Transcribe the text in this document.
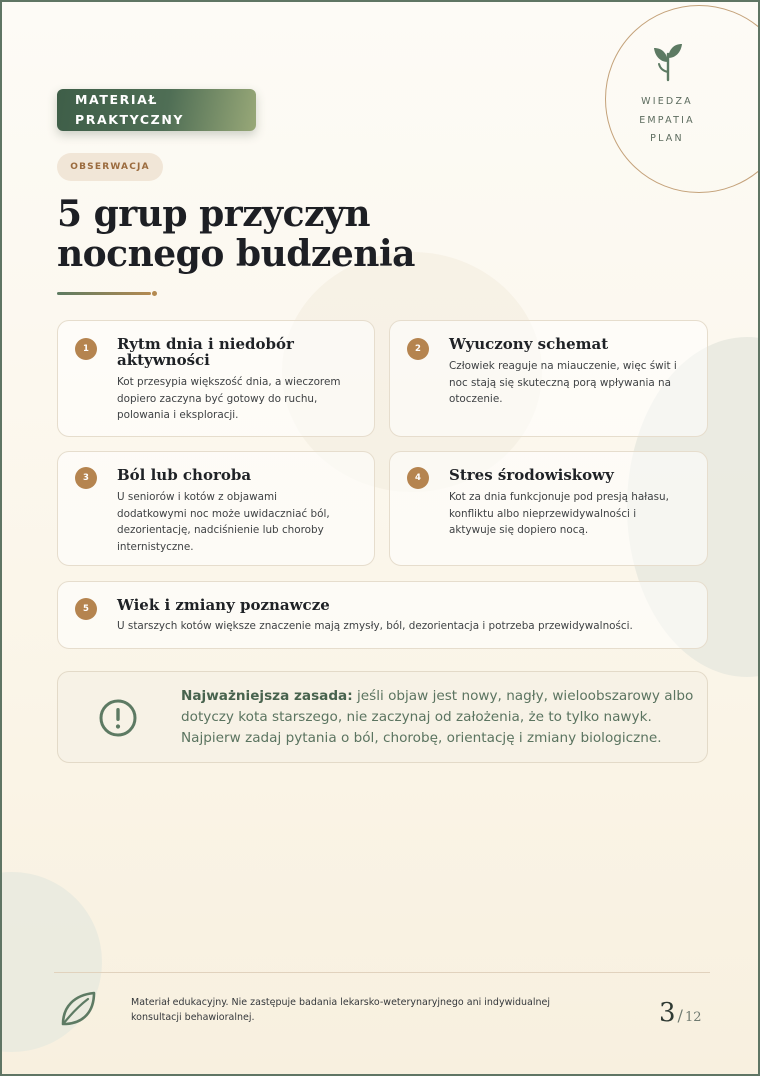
WIEDZA
EMPATIA
PLAN
MATERIAŁ
PRAKTYCZNY
OBSERWACJA
5 grup przyczyn
nocnego budzenia
1	Rytm dnia i niedobór
aktywności
Kot przesypia większość dnia, a wieczorem
dopiero zaczyna być gotowy do ruchu,
polowania i eksploracji.
2	Wyuczony schemat
Człowiek reaguje na miauczenie, więc świt i
noc stają się skuteczną porą wpływania na
otoczenie.
3	Ból lub choroba
U seniorów i kotów z objawami
dodatkowymi noc może uwidaczniać ból,
dezorientację, nadciśnienie lub choroby
internistyczne.
4	Stres środowiskowy
Kot za dnia funkcjonuje pod presją hałasu,
konfliktu albo nieprzewidywalności i
aktywuje się dopiero nocą.
5	Wiek i zmiany poznawcze
U starszych kotów większe znaczenie mają zmysły, ból, dezorientacja i potrzeba przewidywalności.
Najważniejsza zasada: jeśli objaw jest nowy, nagły, wieloobszarowy albo
dotyczy kota starszego, nie zaczynaj od założenia, że to tylko nawyk.
Najpierw zadaj pytania o ból, chorobę, orientację i zmiany biologiczne.
Materiał edukacyjny. Nie zastępuje badania lekarsko-weterynaryjnego ani indywidualnej
konsultacji behawioralnej.	3 / 12
